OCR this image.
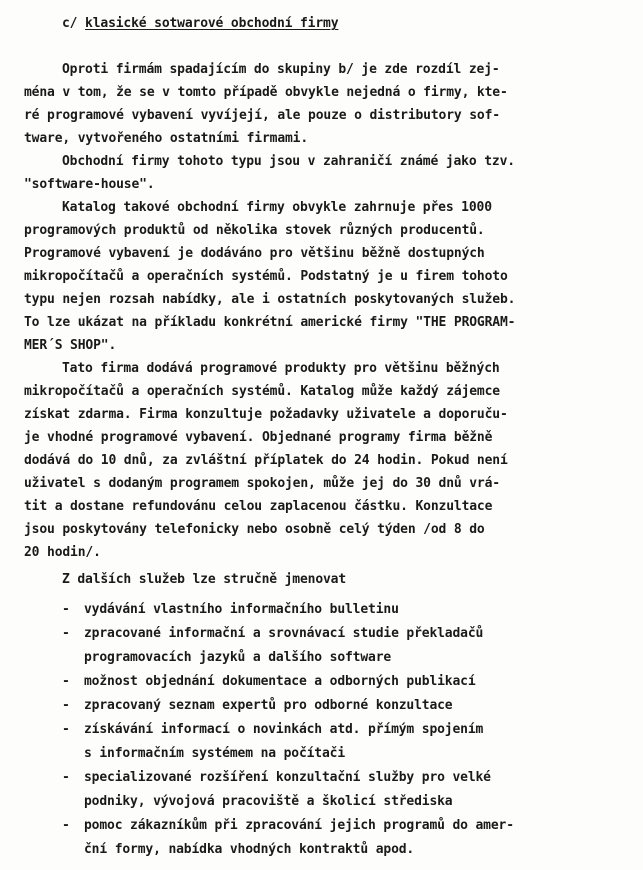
c/ klasické sotwarové obchodní firmy
Oproti firmám spadajícím do skupiny b/ je zde rozdíl zej-
ména v tom, že se v tomto případě obvykle nejedná o firmy, kte-
ré programové vybavení vyvíjejí, ale pouze o distributory sof-
tware, vytvořeného ostatními firmami.
Obchodní firmy tohoto typu jsou v zahraničí známé jako tzv.
"software-house".
Katalog takové obchodní firmy obvykle zahrnuje přes 1000
programových produktů od několika stovek různých producentů.
Programové vybavení je dodáváno pro většinu běžně dostupných
mikropočítačů a operačních systémů. Podstatný je u firem tohoto
typu nejen rozsah nabídky, ale i ostatních poskytovaných služeb.
To lze ukázat na příkladu konkrétní americké firmy "THE PROGRAM-
MER´S SHOP".
Tato firma dodává programové produkty pro většinu běžných
mikropočítačů a operačních systémů. Katalog může každý zájemce
získat zdarma. Firma konzultuje požadavky uživatele a doporuču-
je vhodné programové vybavení. Objednané programy firma běžně
dodává do 10 dnů, za zvláštní příplatek do 24 hodin. Pokud není
uživatel s dodaným programem spokojen, může jej do 30 dnů vrá-
tit a dostane refundovánu celou zaplacenou částku. Konzultace
jsou poskytovány telefonicky nebo osobně celý týden /od 8 do
20 hodin/.
Z dalších služeb lze stručně jmenovat
- vydávání vlastního informačního bulletinu
- zpracované informační a srovnávací studie překladačů
programovacích jazyků a dalšího software
- možnost objednání dokumentace a odborných publikací
- zpracovaný seznam expertů pro odborné konzultace
- získávání informací o novinkách atd. přímým spojením
s informačním systémem na počítači
- specializované rozšíření konzultační služby pro velké
podniky, vývojová pracoviště a školicí střediska
- pomoc zákazníkům při zpracování jejich programů do amer-
ční formy, nabídka vhodných kontraktů apod.
